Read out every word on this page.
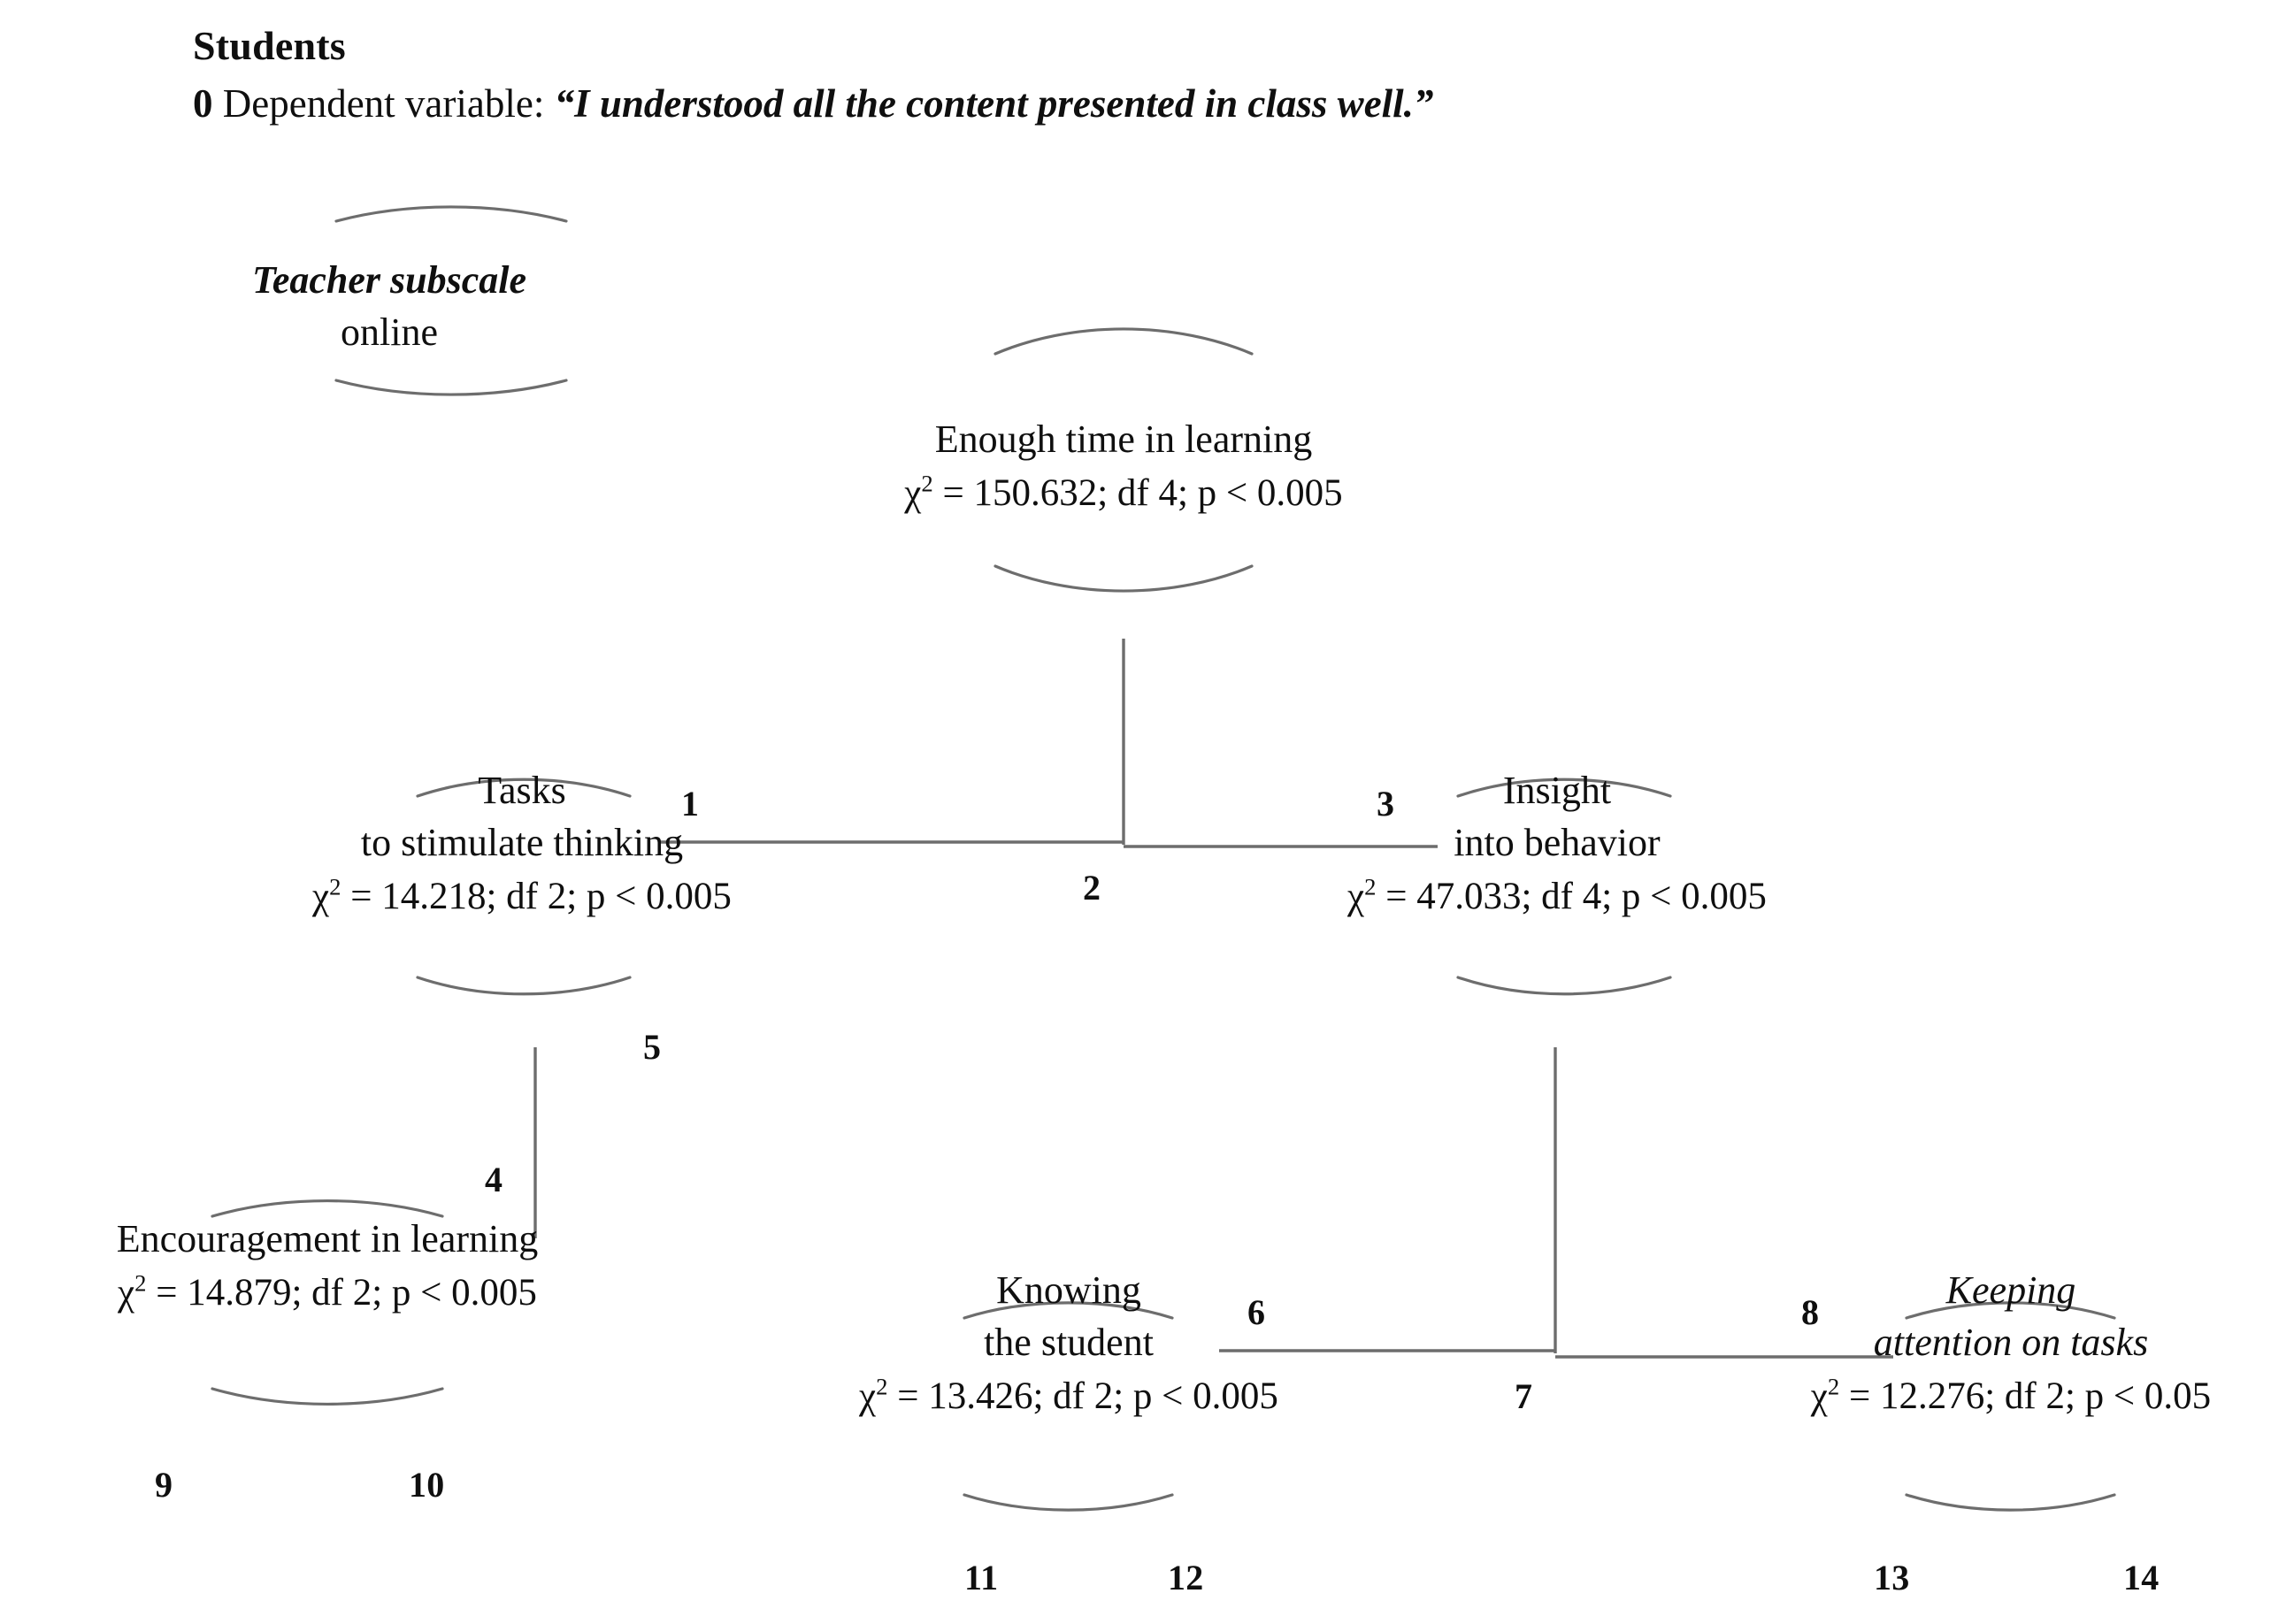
Students
0 Dependent variable: “I understood all the content presented in class well.”
Teacher subscale
online
Enough time in learning
$\chi^2 = 150.632$; df 4; p < 0.005
Tasks
to stimulate thinking
$\chi^2 = 14.218$; df 2; p < 0.005
Insight
into behavior
$\chi^2 = 47.033$; df 4; p < 0.005
Encouragement in learning
$\chi^2 = 14.879$; df 2; p < 0.005	Knowing
the student
$\chi^2 = 13.426$; df 2; p < 0.005
Keeping
attention on tasks
$\chi^2 = 12.276$; df 2; p < 0.05
1
2
3
4
5
6
7
8
9	10
11	12	13	14
